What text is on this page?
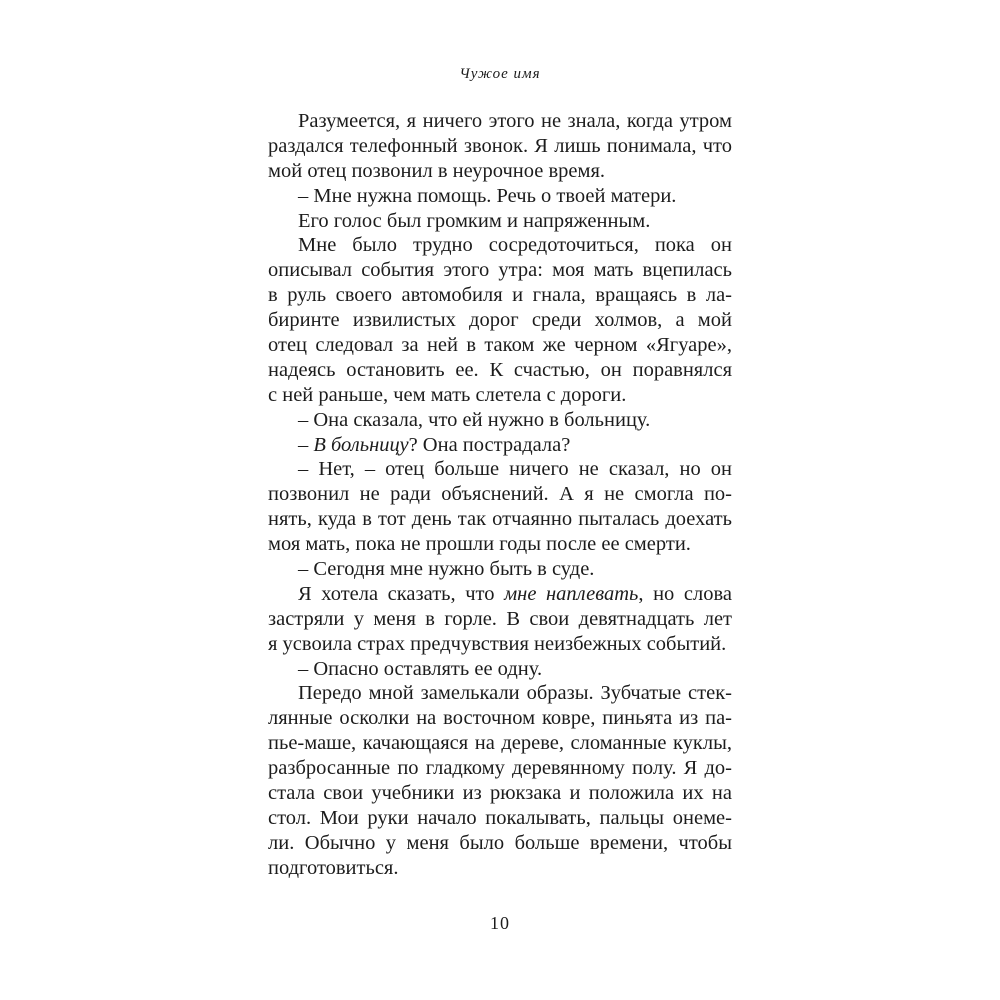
Чужое имя
Разумеется, я ничего этого не знала, когда утром
раздался телефонный звонок. Я лишь понимала, что
мой отец позвонил в неурочное время.
– Мне нужна помощь. Речь о твоей матери.
Его голос был громким и напряженным.
Мне было трудно сосредоточиться, пока он
описывал события этого утра: моя мать вцепилась
в руль своего автомобиля и гнала, вращаясь в ла-
биринте извилистых дорог среди холмов, а мой
отец следовал за ней в таком же черном «Ягуаре»,
надеясь остановить ее. К счастью, он поравнялся
с ней раньше, чем мать слетела с дороги.
– Она сказала, что ей нужно в больницу.
– В больницу? Она пострадала?
– Нет, – отец больше ничего не сказал, но он
позвонил не ради объяснений. А я не смогла по-
нять, куда в тот день так отчаянно пыталась доехать
моя мать, пока не прошли годы после ее смерти.
– Сегодня мне нужно быть в суде.
Я хотела сказать, что мне наплевать, но слова
застряли у меня в горле. В свои девятнадцать лет
я усвоила страх предчувствия неизбежных событий.
– Опасно оставлять ее одну.
Передо мной замелькали образы. Зубчатые стек-
лянные осколки на восточном ковре, пиньята из па-
пье-маше, качающаяся на дереве, сломанные куклы,
разбросанные по гладкому деревянному полу. Я до-
стала свои учебники из рюкзака и положила их на
стол. Мои руки начало покалывать, пальцы онеме-
ли. Обычно у меня было больше времени, чтобы
подготовиться.
10
